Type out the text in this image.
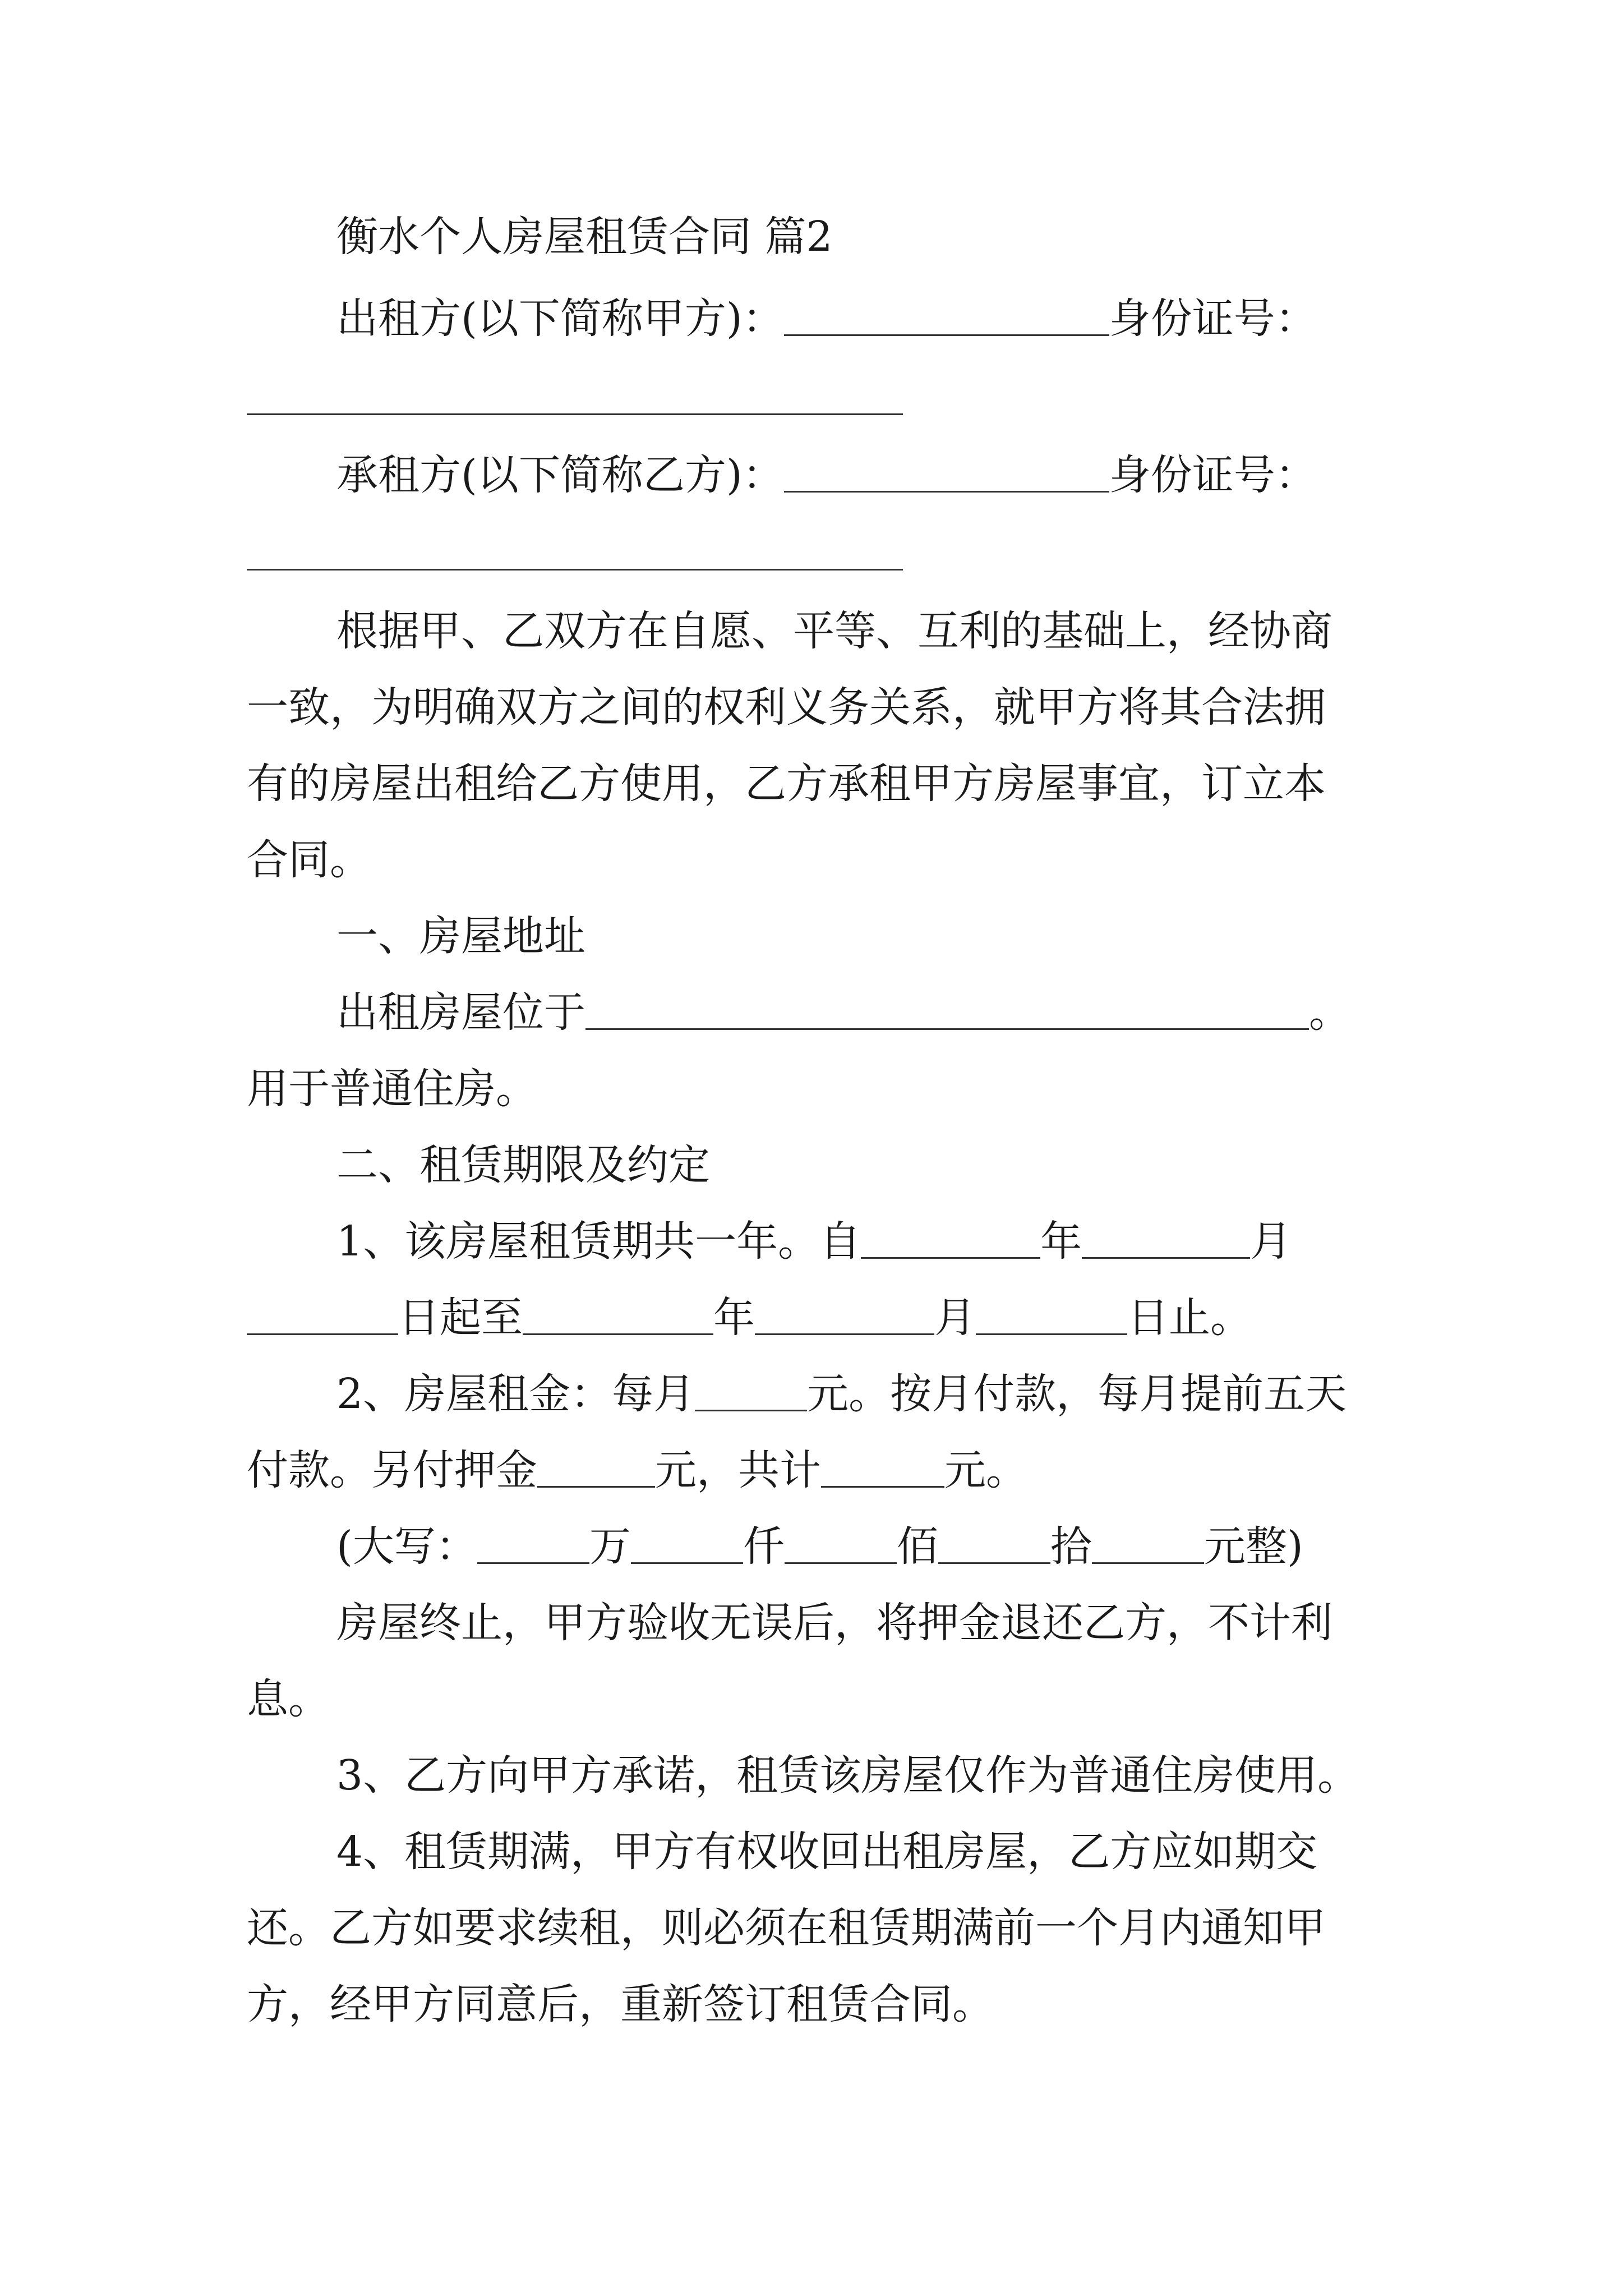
衡水个人房屋租赁合同 篇2
出租方(以下简称甲方)：	身份证号：
承租方(以下简称乙方)：	身份证号：
根据甲、乙双方在自愿、平等、互利的基础上，经协商
一致，为明确双方之间的权利义务关系，就甲方将其合法拥
有的房屋出租给乙方使用，乙方承租甲方房屋事宜，订立本
合同。
一、房屋地址
出租房屋位于	。
用于普通住房。
二、租赁期限及约定
1、该房屋租赁期共一年。自	年	月
日起至	年	月	日止。
2、房屋租金：每月	元。按月付款，每月提前五天
付款。另付押金	元，共计	元。
(大写：	万	仟	佰	拾	元整)
房屋终止，甲方验收无误后，将押金退还乙方，不计利
息。
3、乙方向甲方承诺，租赁该房屋仅作为普通住房使用。
4、租赁期满，甲方有权收回出租房屋，乙方应如期交
还。乙方如要求续租，则必须在租赁期满前一个月内通知甲
方，经甲方同意后，重新签订租赁合同。
